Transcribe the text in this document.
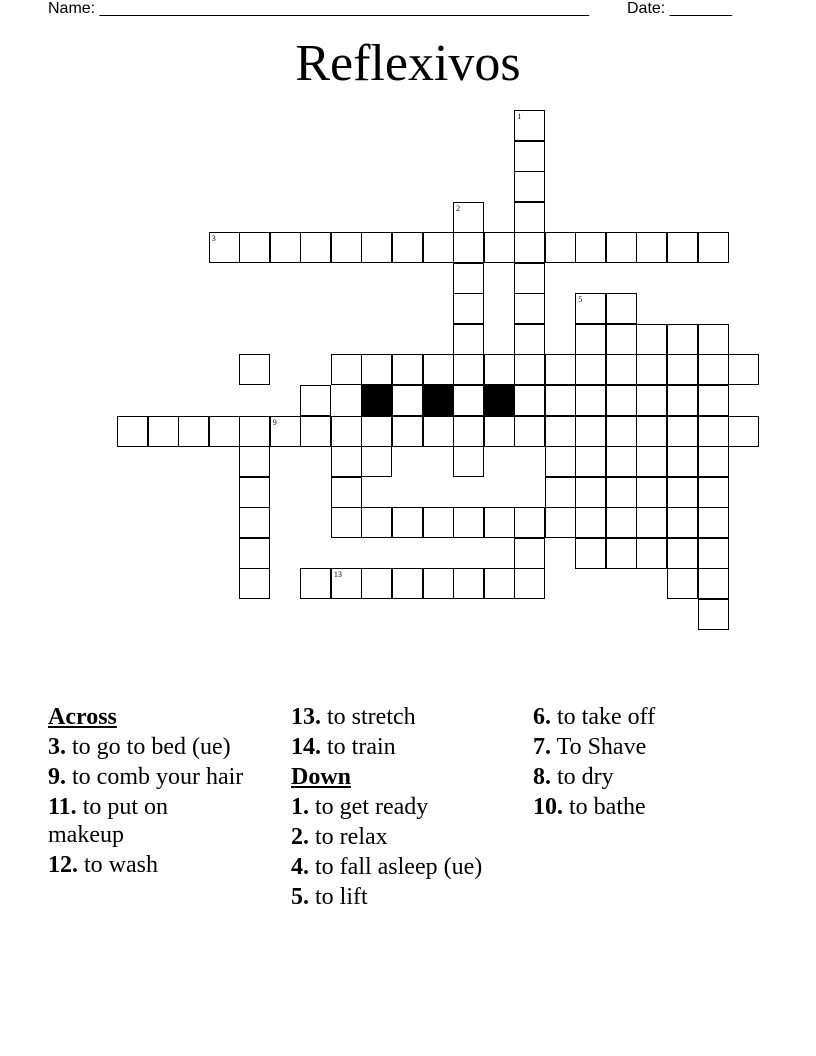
Name: _______________________________________________________ Date: _______
Reflexivos
1
2
3
5
9
13
Across
3. to go to bed (ue)
9. to comb your hair
11. to put on makeup
12. to wash
13. to stretch
14. to train
Down
1. to get ready
2. to relax
4. to fall asleep (ue)
5. to lift
6. to take off
7. To Shave
8. to dry
10. to bathe
